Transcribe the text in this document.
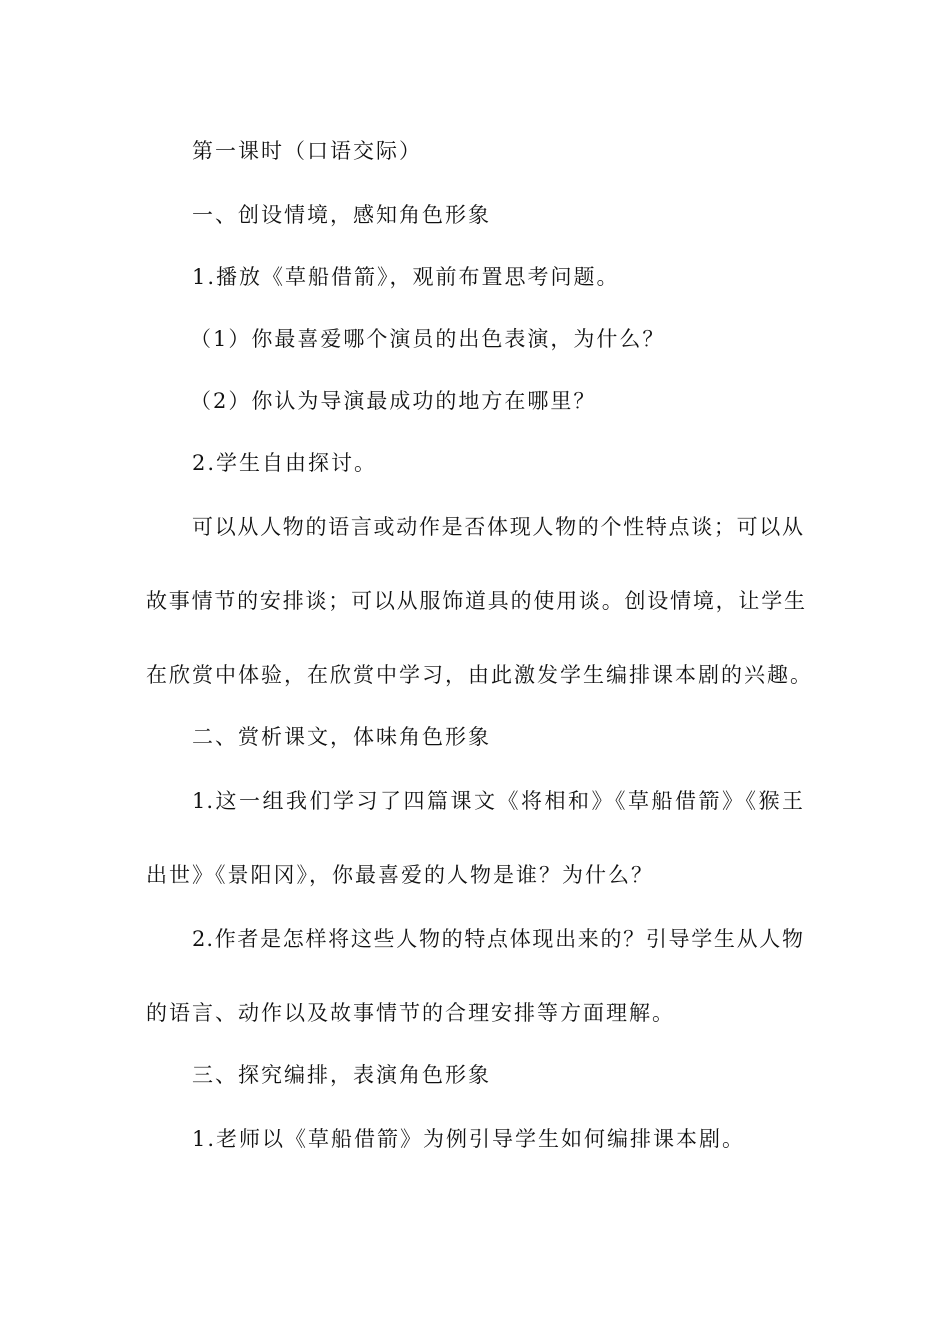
第一课时（口语交际）
一、创设情境，感知角色形象
1.播放《草船借箭》，观前布置思考问题。
（1）你最喜爱哪个演员的出色表演，为什么？
（2）你认为导演最成功的地方在哪里？
2.学生自由探讨。
可以从人物的语言或动作是否体现人物的个性特点谈；可以从
故事情节的安排谈；可以从服饰道具的使用谈。创设情境，让学生
在欣赏中体验，在欣赏中学习，由此激发学生编排课本剧的兴趣。
二、赏析课文，体味角色形象
1.这一组我们学习了四篇课文《将相和》《草船借箭》《猴王
出世》《景阳冈》，你最喜爱的人物是谁？为什么？
2.作者是怎样将这些人物的特点体现出来的？引导学生从人物
的语言、动作以及故事情节的合理安排等方面理解。
三、探究编排，表演角色形象
1.老师以《草船借箭》为例引导学生如何编排课本剧。
